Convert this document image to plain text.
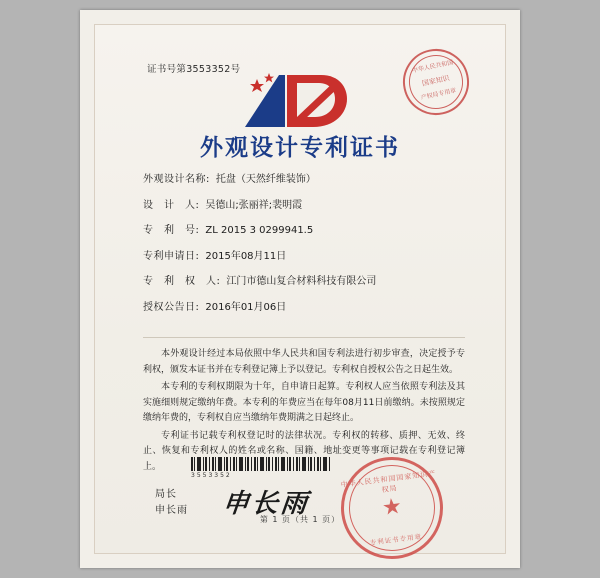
证书号第3553352号	中华人民共和国
国家知识
产权局专用章
外观设计专利证书
外观设计名称: 托盘（天然纤维装饰）
设　计　人: 吴德山;张丽祥;裴明霞
专　利　号: ZL 2015 3 0299941.5
专利申请日: 2015年08月11日
专　利　权　人: 江门市德山复合材料科技有限公司
授权公告日: 2016年01月06日

本外观设计经过本局依照中华人民共和国专利法进行初步审查，决定授予专利权，颁发本证书并在专利登记簿上予以登记。专利权自授权公告之日起生效。

本专利的专利权期限为十年，自申请日起算。专利权人应当依照专利法及其实施细则规定缴纳年费。本专利的年费应当在每年08月11日前缴纳。未按照规定缴纳年费的，专利权自应当缴纳年费期满之日起终止。

专利证书记载专利权登记时的法律状况。专利权的转移、质押、无效、终止、恢复和专利权人的姓名或名称、国籍、地址变更等事项记载在专利登记簿上。

3553352
局长
申长雨 申长雨
中华人民共和国国家知识产权局
★
专利证书专用章
第 1 页（共 1 页）
